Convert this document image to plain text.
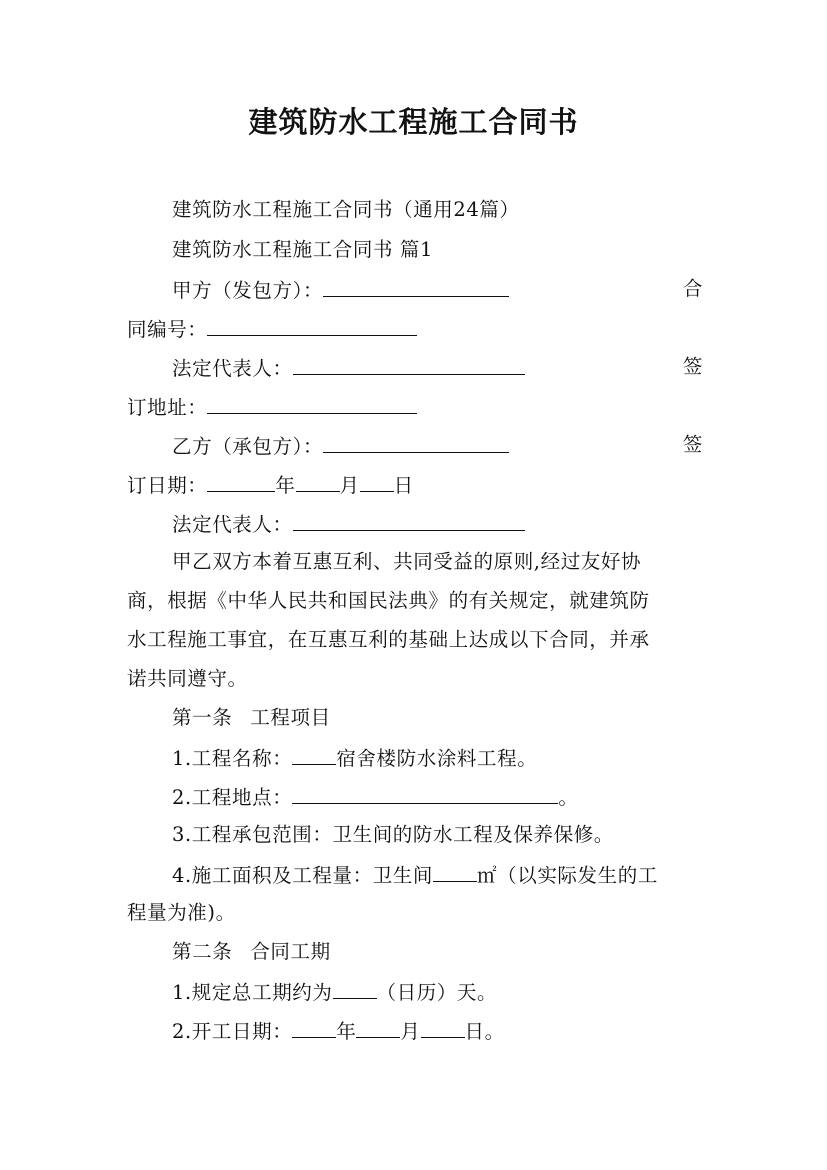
建筑防水工程施工合同书
建筑防水工程施工合同书（通用24篇）
建筑防水工程施工合同书 篇1
甲方（发包方）：	合
同编号：
法定代表人：	签
订地址：
乙方（承包方）：	签
订日期：	年 月 日
法定代表人：
甲乙双方本着互惠互利、共同受益的原则,经过友好协
商，根据《中华人民共和国民法典》的有关规定，就建筑防
水工程施工事宜，在互惠互利的基础上达成以下合同，并承
诺共同遵守。
第一条 工程项目
1.工程名称： 宿舍楼防水涂料工程。
2.工程地点：	。
3.工程承包范围：卫生间的防水工程及保养保修。
4.施工面积及工程量：卫生间 ㎡（以实际发生的工
程量为准)。
第二条 合同工期
1.规定总工期约为 （日历）天。
2.开工日期： 年 月 日。
